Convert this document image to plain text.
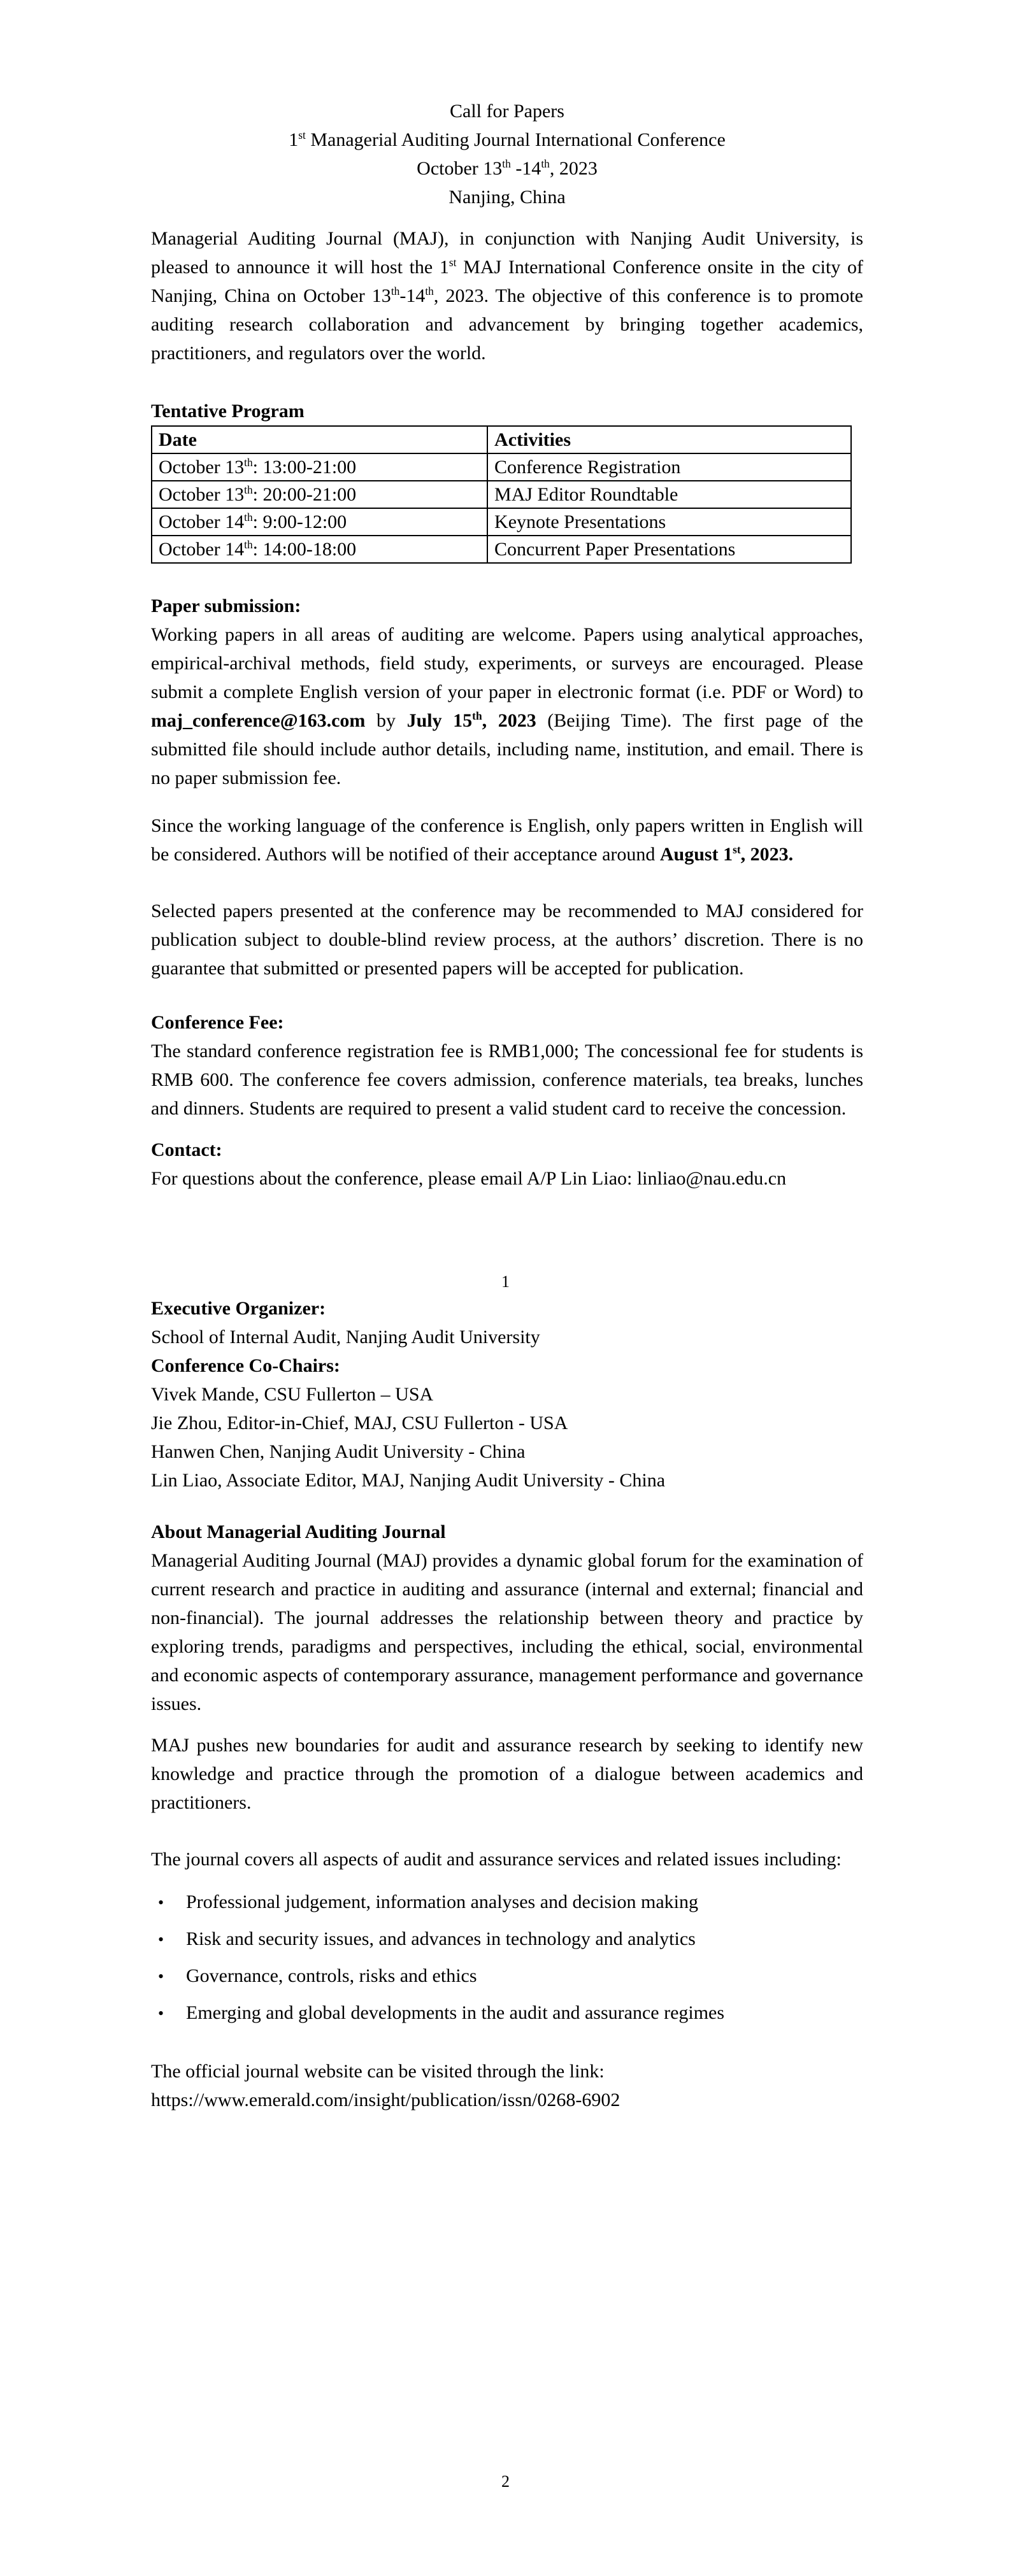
Call for Papers

1st Managerial Auditing Journal International Conference

October 13th -14th, 2023

Nanjing, China

Managerial Auditing Journal (MAJ), in conjunction with Nanjing Audit University, is pleased to announce it will host the 1st MAJ International Conference onsite in the city of Nanjing, China on October 13th-14th, 2023. The objective of this conference is to promote auditing research collaboration and advancement by bringing together academics, practitioners, and regulators over the world.

Tentative Program

Date	Activities
October 13th: 13:00-21:00	Conference Registration
October 13th: 20:00-21:00	MAJ Editor Roundtable
October 14th: 9:00-12:00	Keynote Presentations
October 14th: 14:00-18:00	Concurrent Paper Presentations

Paper submission:

Working papers in all areas of auditing are welcome. Papers using analytical approaches, empirical-archival methods, field study, experiments, or surveys are encouraged. Please submit a complete English version of your paper in electronic format (i.e. PDF or Word) to maj_conference@163.com by July 15th, 2023 (Beijing Time). The first page of the submitted file should include author details, including name, institution, and email. There is no paper submission fee.

Since the working language of the conference is English, only papers written in English will be considered. Authors will be notified of their acceptance around August 1st, 2023.

Selected papers presented at the conference may be recommended to MAJ considered for publication subject to double-blind review process, at the authors’ discretion. There is no guarantee that submitted or presented papers will be accepted for publication.

Conference Fee:

The standard conference registration fee is RMB1,000; The concessional fee for students is RMB 600. The conference fee covers admission, conference materials, tea breaks, lunches and dinners. Students are required to present a valid student card to receive the concession.

Contact:

For questions about the conference, please email A/P Lin Liao: linliao@nau.edu.cn

1

Executive Organizer:

School of Internal Audit, Nanjing Audit University

Conference Co-Chairs:

Vivek Mande, CSU Fullerton – USA

Jie Zhou, Editor-in-Chief, MAJ, CSU Fullerton - USA

Hanwen Chen, Nanjing Audit University - China

Lin Liao, Associate Editor, MAJ, Nanjing Audit University - China

About Managerial Auditing Journal

Managerial Auditing Journal (MAJ) provides a dynamic global forum for the examination of current research and practice in auditing and assurance (internal and external; financial and non-financial). The journal addresses the relationship between theory and practice by exploring trends, paradigms and perspectives, including the ethical, social, environmental and economic aspects of contemporary assurance, management performance and governance issues.

MAJ pushes new boundaries for audit and assurance research by seeking to identify new knowledge and practice through the promotion of a dialogue between academics and practitioners.

The journal covers all aspects of audit and assurance services and related issues including:

•	Professional judgement, information analyses and decision making
•	Risk and security issues, and advances in technology and analytics
•	Governance, controls, risks and ethics
•	Emerging and global developments in the audit and assurance regimes

The official journal website can be visited through the link:

https://www.emerald.com/insight/publication/issn/0268-6902

2
